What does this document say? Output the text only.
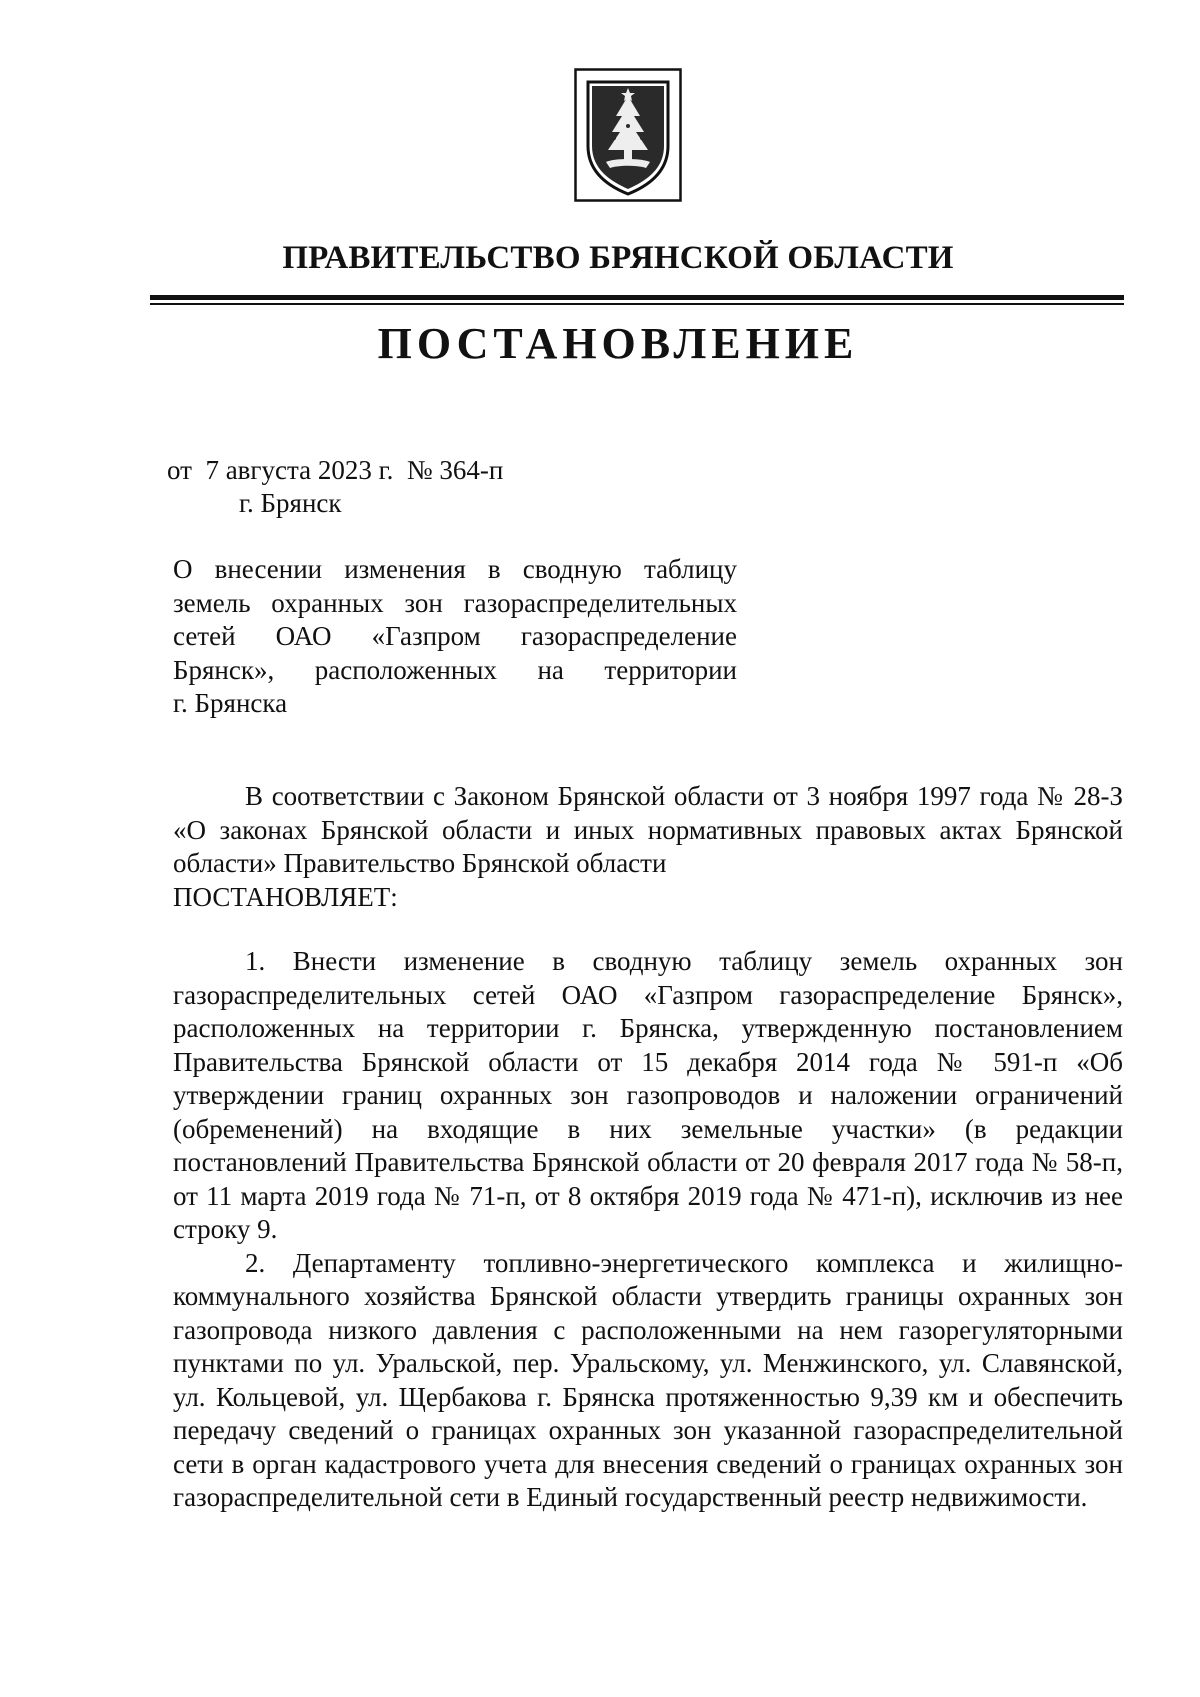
ПРАВИТЕЛЬСТВО БРЯНСКОЙ ОБЛАСТИ
ПОСТАНОВЛЕНИЕ
от  7 августа 2023 г.  № 364-п
г. Брянск
О внесении изменения в сводную таблицу
земель охранных зон газораспределительных
сетей ОАО «Газпром газораспределение
Брянск», расположенных на территории
г. Брянска

В соответствии с Законом Брянской области от 3 ноября 1997 года № 28-З «О законах Брянской области и иных нормативных правовых актах Брянской области» Правительство Брянской области

ПОСТАНОВЛЯЕТ:

1. Внести изменение в сводную таблицу земель охранных зон газораспределительных сетей ОАО «Газпром газораспределение Брянск», расположенных на территории г. Брянска, утвержденную постановлением Правительства Брянской области от 15 декабря 2014 года № 591-п «Об утверждении границ охранных зон газопроводов и наложении ограничений (обременений) на входящие в них земельные участки» (в редакции постановлений Правительства Брянской области от 20 февраля 2017 года № 58-п, от 11 марта 2019 года № 71-п, от 8 октября 2019 года № 471-п), исключив из нее строку 9.

2. Департаменту топливно-энергетического комплекса и жилищно-коммунального хозяйства Брянской области утвердить границы охранных зон газопровода низкого давления с расположенными на нем газорегуляторными пунктами по ул. Уральской, пер. Уральскому, ул. Менжинского, ул. Славянской, ул. Кольцевой, ул. Щербакова г. Брянска протяженностью 9,39 км и обеспечить передачу сведений о границах охранных зон указанной газораспределительной сети в орган кадастрового учета для внесения сведений о границах охранных зон газораспределительной сети в Единый государственный реестр недвижимости.
